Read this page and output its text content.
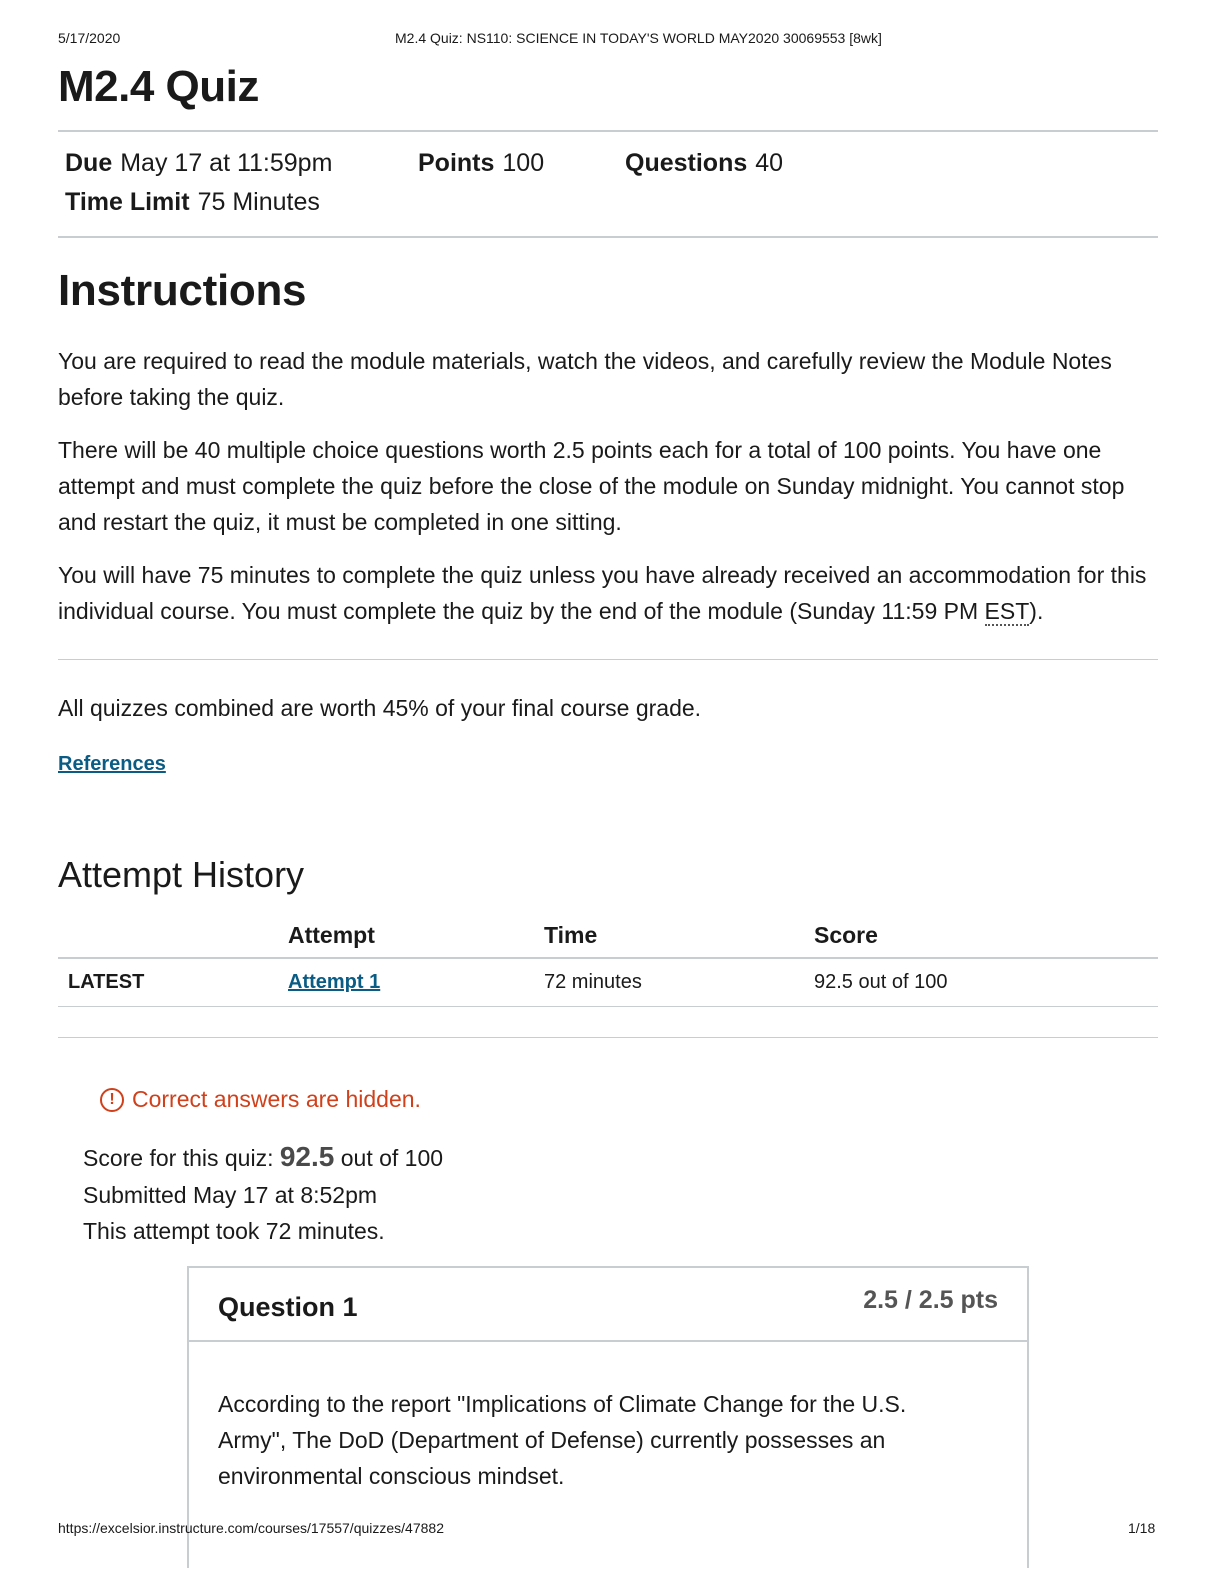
5/17/2020	M2.4 Quiz: NS110: SCIENCE IN TODAY'S WORLD MAY2020 30069553 [8wk]
M2.4 Quiz
Due May 17 at 11:59pm	Points 100	Questions 40
Time Limit 75 Minutes
Instructions

You are required to read the module materials, watch the videos, and carefully review the Module Notes before taking the quiz.

There will be 40 multiple choice questions worth 2.5 points each for a total of 100 points. You have one attempt and must complete the quiz before the close of the module on Sunday midnight. You cannot stop and restart the quiz, it must be completed in one sitting.

You will have 75 minutes to complete the quiz unless you have already received an accommodation for this individual course. You must complete the quiz by the end of the module (Sunday 11:59 PM EST).

All quizzes combined are worth 45% of your final course grade.

References
Attempt History
	Attempt	Time	Score
LATEST	Attempt 1	72 minutes	92.5 out of 100
! Correct answers are hidden.
Score for this quiz: 92.5 out of 100
Submitted May 17 at 8:52pm
This attempt took 72 minutes.
Question 1	2.5 / 2.5 pts

According to the report "Implications of Climate Change for the U.S. Army", The DoD (Department of Defense) currently possesses an environmental conscious mindset.

https://excelsior.instructure.com/courses/17557/quizzes/47882	1/18
